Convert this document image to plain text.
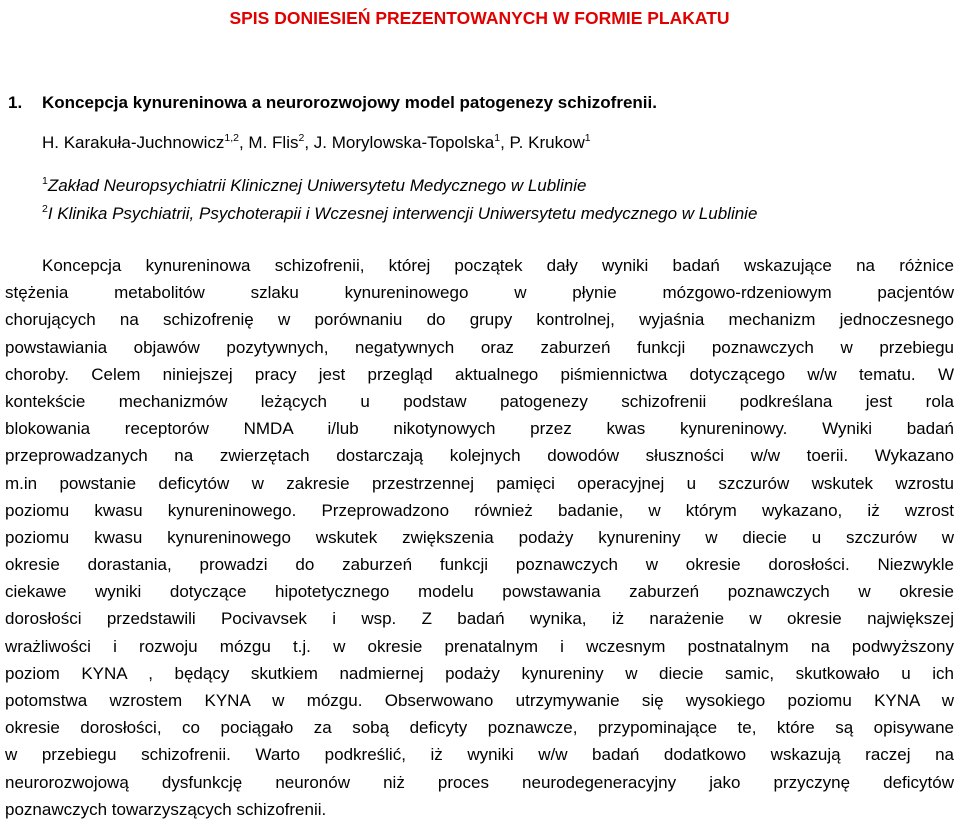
SPIS DONIESIEŃ PREZENTOWANYCH W FORMIE PLAKATU
1. Koncepcja kynureninowa a neurorozwojowy model patogenezy schizofrenii.
H. Karakuła-Juchnowicz$^{1,2}$, M. Flis$^2$, J. Morylowska-Topolska$^1$, P. Krukow$^1$
$^1$Zakład Neuropsychiatrii Klinicznej Uniwersytetu Medycznego w Lublinie
$^2$I Klinika Psychiatrii, Psychoterapii i Wczesnej interwencji Uniwersytetu medycznego w Lublinie
Koncepcja kynureninowa schizofrenii, której początek dały wyniki badań wskazujące na różnice
stężenia metabolitów szlaku kynureninowego w płynie mózgowo-rdzeniowym pacjentów
chorujących na schizofrenię w porównaniu do grupy kontrolnej, wyjaśnia mechanizm jednoczesnego
powstawiania objawów pozytywnych, negatywnych oraz zaburzeń funkcji poznawczych w przebiegu
choroby. Celem niniejszej pracy jest przegląd aktualnego piśmiennictwa dotyczącego w/w tematu. W
kontekście mechanizmów leżących u podstaw patogenezy schizofrenii podkreślana jest rola
blokowania receptorów NMDA i/lub nikotynowych przez kwas kynureninowy. Wyniki badań
przeprowadzanych na zwierzętach dostarczają kolejnych dowodów słuszności w/w toerii. Wykazano
m.in powstanie deficytów w zakresie przestrzennej pamięci operacyjnej u szczurów wskutek wzrostu
poziomu kwasu kynureninowego. Przeprowadzono również badanie, w którym wykazano, iż wzrost
poziomu kwasu kynureninowego wskutek zwiększenia podaży kynureniny w diecie u szczurów w
okresie dorastania, prowadzi do zaburzeń funkcji poznawczych w okresie dorosłości. Niezwykle
ciekawe wyniki dotyczące hipotetycznego modelu powstawania zaburzeń poznawczych w okresie
dorosłości przedstawili Pocivavsek i wsp. Z badań wynika, iż narażenie w okresie największej
wrażliwości i rozwoju mózgu t.j. w okresie prenatalnym i wczesnym postnatalnym na podwyższony
poziom KYNA , będący skutkiem nadmiernej podaży kynureniny w diecie samic, skutkowało u ich
potomstwa wzrostem KYNA w mózgu. Obserwowano utrzymywanie się wysokiego poziomu KYNA w
okresie dorosłości, co pociągało za sobą deficyty poznawcze, przypominające te, które są opisywane
w przebiegu schizofrenii. Warto podkreślić, iż wyniki w/w badań dodatkowo wskazują raczej na
neurorozwojową dysfunkcję neuronów niż proces neurodegeneracyjny jako przyczynę deficytów
poznawczych towarzyszących schizofrenii.
